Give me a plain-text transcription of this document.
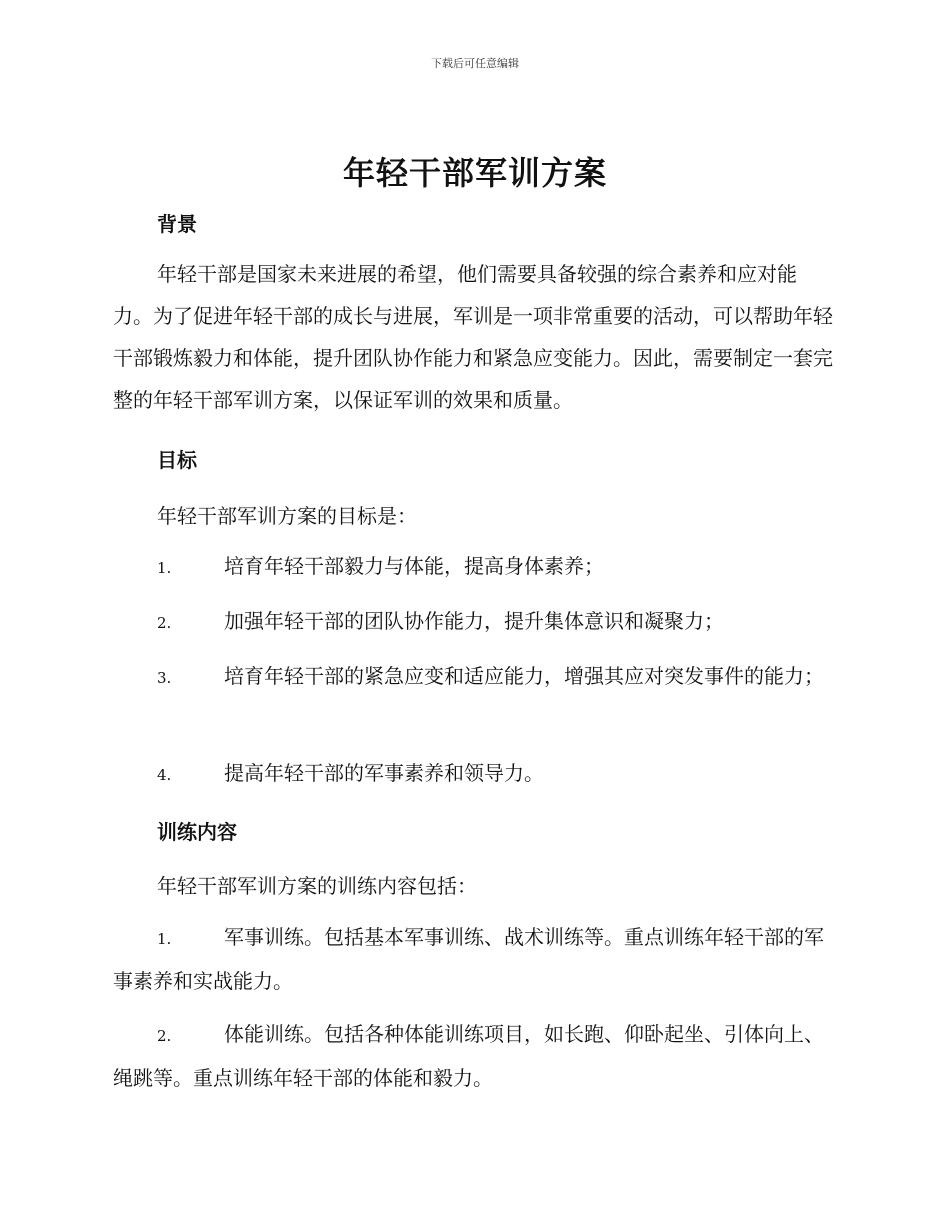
下载后可任意编辑
年轻干部军训方案
背景

年轻干部是国家未来进展的希望，他们需要具备较强的综合素养和应对能力。为了促进年轻干部的成长与进展，军训是一项非常重要的活动，可以帮助年轻干部锻炼毅力和体能，提升团队协作能力和紧急应变能力。因此，需要制定一套完整的年轻干部军训方案，以保证军训的效果和质量。

目标

年轻干部军训方案的目标是：

1.	培育年轻干部毅力与体能，提高身体素养；

2.	加强年轻干部的团队协作能力，提升集体意识和凝聚力；

3.	培育年轻干部的紧急应变和适应能力，增强其应对突发事件的能力；

4.	提高年轻干部的军事素养和领导力。

训练内容

年轻干部军训方案的训练内容包括：

1.	军事训练。包括基本军事训练、战术训练等。重点训练年轻干部的军事素养和实战能力。

2.	体能训练。包括各种体能训练项目，如长跑、仰卧起坐、引体向上、绳跳等。重点训练年轻干部的体能和毅力。
